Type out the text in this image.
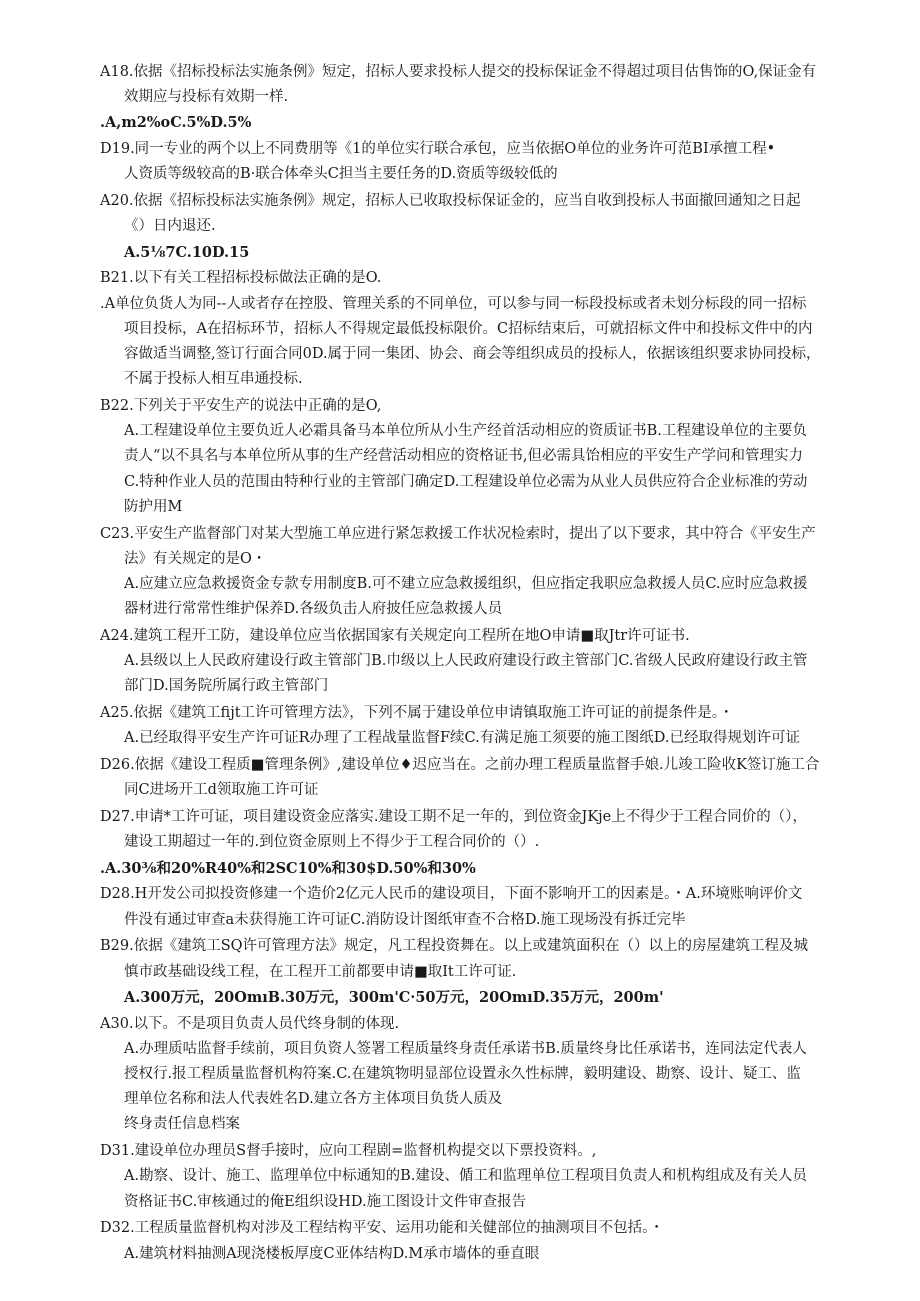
A18.依据《招标投标法实施条例》短定，招标人要求投标人提交的投标保证金不得超过项目估售饰的O,保证金有
效期应与投标有效期一样.
.A,m2%oC.5%D.5%
D19.同一专业的两个以上不同费朋等《1的单位实行联合承包，应当依据O单位的业务许可范BI承擅工程•
人资质等级较高的B·联合体牵头C担当主要任务的D.资质等级较低的
A20.依据《招标投标法实施条例》规定，招标人已收取投标保证金的，应当自收到投标人书面撤回通知之日起
《）日内退还.
A.5⅛7C.10D.15
B21.以下有关工程招标投标做法正确的是O.
.A单位负货人为同--人或者存在控股、管理关系的不同单位，可以参与同一标段投标或者未划分标段的同一招标
项目投标，A在招标环节，招标人不得规定最低投标限价。C招标结束后，可就招标文件中和投标文件中的内
容做适当调整,签订行面合同0D.属于同一集团、协会、商会等组织成员的投标人，依据该组织要求协同投标，
不属于投标人相互串通投标.
B22.下列关于平安生产的说法中正确的是O,
A.工程建设单位主要负近人必霜具备马本单位所从小生产经首活动相应的资质证书B.工程建设单位的主要负
责人“以不具名与本单位所从事的生产经营活动相应的资格证书,但必需具饴相应的平安生产学问和管理实力
C.特种作业人员的范围由特种行业的主管部门确定D.工程建设单位必需为从业人员供应符合企业标准的劳动
防护用M
C23.平安生产监督部门对某大型施工单应进行紧怎救援工作状况检索时，提出了以下要求，其中符合《平安生产
法》有关规定的是O・
A.应建立应急救援资金专款专用制度B.可不建立应急救援组织，但应指定我职应急救援人员C.应时应急救援
器材进行常常性维护保养D.各级负击人府披任应急救援人员
A24.建筑工程开工防，建设单位应当依据国家有关规定向工程所在地O申请■取Jtr许可证书.
A.县级以上人民政府建设行政主管部门B.巾级以上人民政府建设行政主管部门C.省级人民政府建设行政主管
部门D.国务院所属行政主管部门
A25.依据《建筑工fijt工许可管理方法》，下列不属于建设单位申请镇取施工许可证的前提条件是。・
A.已经取得平安生产许可证R办理了工程战量监督F续C.有满足施工须要的施工图纸D.已经取得规划许可证
D26.依据《建设工程质■管理条例》,建设单位♦迟应当在。之前办理工程质量监督手娘.儿竣工险收K签订施工合
同C进场开工d领取施工许可证
D27.申请*工许可证，项目建设资金应落实.建设工期不足一年的，到位资金JKje上不得少于工程合同价的（），
建设工期超过一年的.到位资金原则上不得少于工程合同价的（）.
.A.30⅜和20%R40%和2SC10%和30$D.50%和30%
D28.H开发公司拟投资修建一个造价2亿元人民币的建设项目，下面不影响开工的因素是。・A.环境账响评价文
件没有通过审查a未获得施工许可证C.消防设计图纸审查不合格D.施工现场没有拆迁完毕
B29.依据《建筑工SQ许可管理方法》规定，凡工程投资舞在。以上或建筑面积在（）以上的房屋建筑工程及城
慎市政基础设线工程，在工程开工前都要申请■取It工许可证.
A.300万元，20OmıB.30万元，300m'C·50万元，20OmıD.35万元，200m'
A30.以下。不是项目负责人员代终身制的体现.
A.办理质咕监督手续前，项目负资人签署工程质量终身责任承诺书B.质量终身比任承诺书，连同法定代表人
授权行.报工程质量监督机构符案.C.在建筑物明显部位设置永久性标牌，毅明建设、勘察、设计、疑工、监
理单位名称和法人代表姓名D.建立各方主体项目负货人质及
终身责任信息档案
D31.建设单位办理员S督手接时，应向工程剧=监督机构提交以下票投资料。,
A.勘察、设计、施工、监理单位中标通知的B.建设、偱工和监理单位工程项目负责人和机构组成及有关人员
资格证书C.审核通过的俺E组织设HD.施工图设计文件审查报告
D32.工程质量监督机构对涉及工程结构平安、运用功能和关健部位的抽测项目不包括。・
A.建筑材料抽测A现浇楼板厚度C亚体结构D.M承市墙体的垂直眼
